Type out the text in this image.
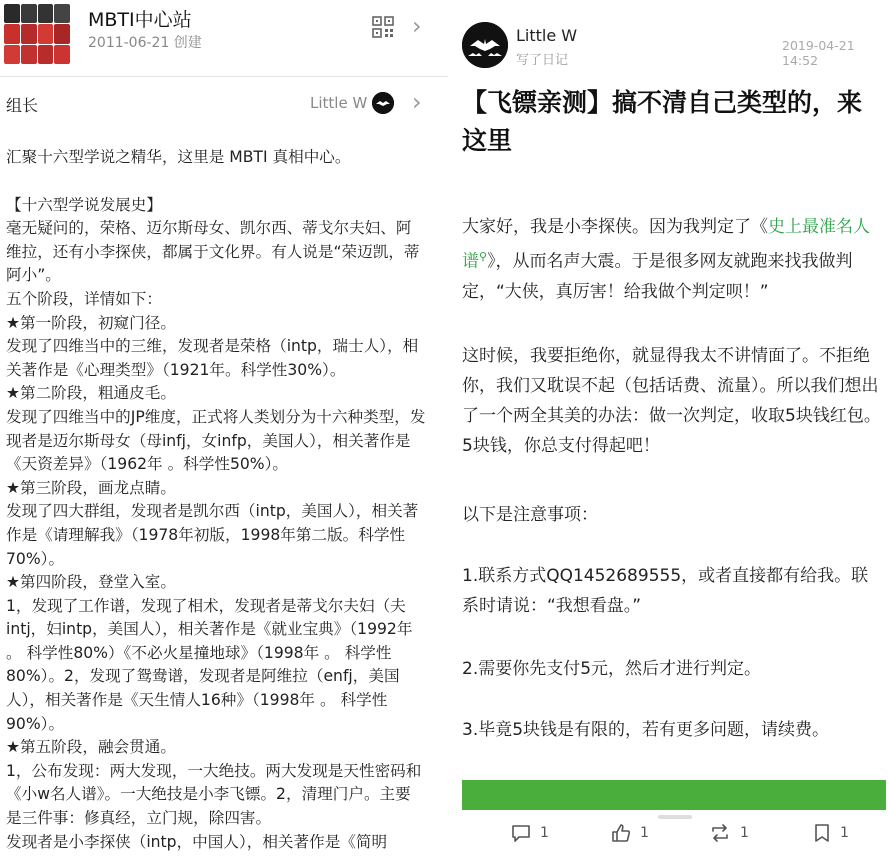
MBTI中心站
2011-06-21 创建
›
组长	Little W ›
汇聚十六型学说之精华，这里是 MBTI 真相中心。
【十六型学说发展史】
毫无疑问的，荣格、迈尔斯母女、凯尔西、蒂戈尔夫妇、阿维拉，还有小李探侠，都属于文化界。有人说是“荣迈凯，蒂阿小”。
五个阶段，详情如下：
★第一阶段，初窥门径。
发现了四维当中的三维，发现者是荣格（intp，瑞士人），相关著作是《心理类型》（1921年。科学性30%）。
★第二阶段，粗通皮毛。
发现了四维当中的JP维度，正式将人类划分为十六种类型，发现者是迈尔斯母女（母infj，女infp，美国人），相关著作是《天资差异》（1962年 。科学性50%）。
★第三阶段，画龙点睛。
发现了四大群组，发现者是凯尔西（intp，美国人），相关著作是《请理解我》（1978年初版，1998年第二版。科学性70%）。
★第四阶段，登堂入室。
1，发现了工作谱，发现了相术，发现者是蒂戈尔夫妇（夫intj，妇intp，美国人），相关著作是《就业宝典》（1992年 。 科学性80%）《不必火星撞地球》（1998年 。 科学性80%）。2，发现了鸳鸯谱，发现者是阿维拉（enfj，美国人），相关著作是《天生情人16种》（1998年 。 科学性90%）。
★第五阶段，融会贯通。
1，公布发现：两大发现，一大绝技。两大发现是天性密码和《小w名人谱》。一大绝技是小李飞镖。2，清理门户。主要是三件事：修真经，立门规，除四害。
发现者是小李探侠（intp，中国人），相关著作是《简明
Little W
写了日记
2019-04-21 14:52
【飞镖亲测】搞不清自己类型的，来这里
大家好，我是小李探侠。因为我判定了《史上最准名人谱⚲》，从而名声大震。于是很多网友就跑来找我做判定，“大侠，真厉害！给我做个判定呗！”
这时候，我要拒绝你，就显得我太不讲情面了。不拒绝你，我们又耽误不起（包括话费、流量）。所以我们想出了一个两全其美的办法：做一次判定，收取5块钱红包。5块钱，你总支付得起吧！
以下是注意事项：
1.联系方式QQ1452689555，或者直接都有给我。联系时请说：“我想看盘。”
2.需要你先支付5元，然后才进行判定。
3.毕竟5块钱是有限的，若有更多问题，请续费。
1	1	1	1
